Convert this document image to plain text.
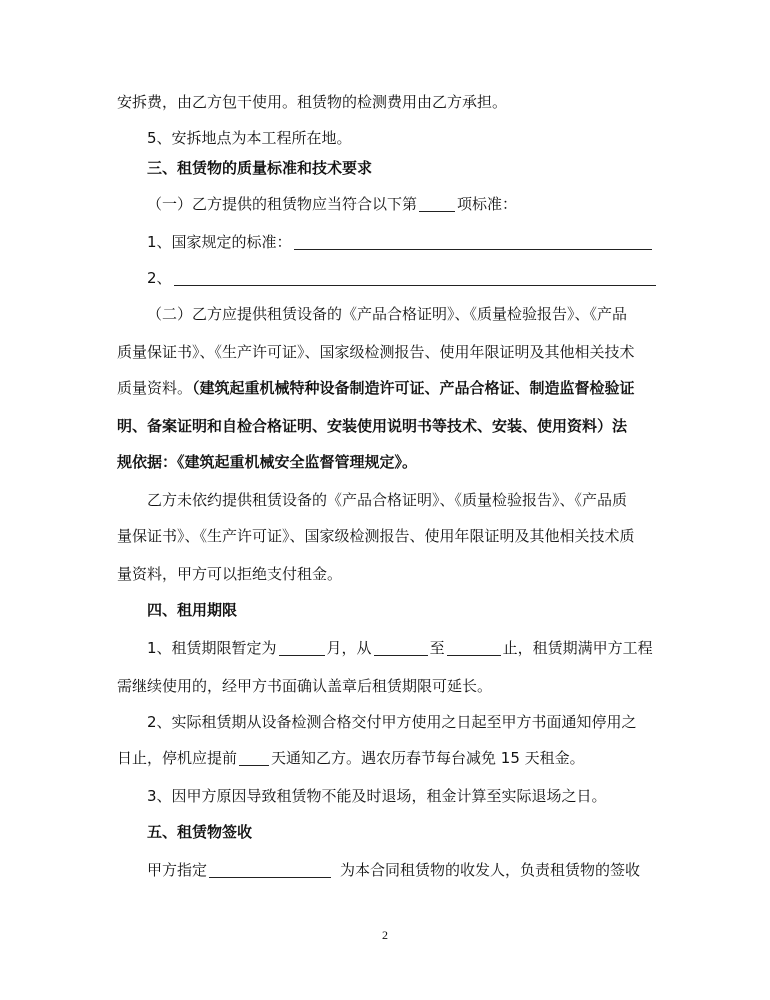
安拆费，由乙方包干使用。租赁物的检测费用由乙方承担。
5、安拆地点为本工程所在地。
三、租赁物的质量标准和技术要求
（一）乙方提供的租赁物应当符合以下第	项标准：
1、国家规定的标准：
2、
（二）乙方应提供租赁设备的《产品合格证明》、《质量检验报告》、《产品
质量保证书》、《生产许可证》、国家级检测报告、使用年限证明及其他相关技术
质量资料。（建筑起重机械特种设备制造许可证、产品合格证、制造监督检验证
明、备案证明和自检合格证明、安装使用说明书等技术、安装、使用资料）法
规依据：《建筑起重机械安全监督管理规定》。
乙方未依约提供租赁设备的《产品合格证明》、《质量检验报告》、《产品质
量保证书》、《生产许可证》、国家级检测报告、使用年限证明及其他相关技术质
量资料，甲方可以拒绝支付租金。
四、租用期限
1、租赁期限暂定为	月，从	至	止，租赁期满甲方工程
需继续使用的，经甲方书面确认盖章后租赁期限可延长。
2、实际租赁期从设备检测合格交付甲方使用之日起至甲方书面通知停用之
日止，停机应提前 天通知乙方。遇农历春节每台减免 15 天租金。
3、因甲方原因导致租赁物不能及时退场，租金计算至实际退场之日。
五、租赁物签收
甲方指定	为本合同租赁物的收发人，负责租赁物的签收
2
